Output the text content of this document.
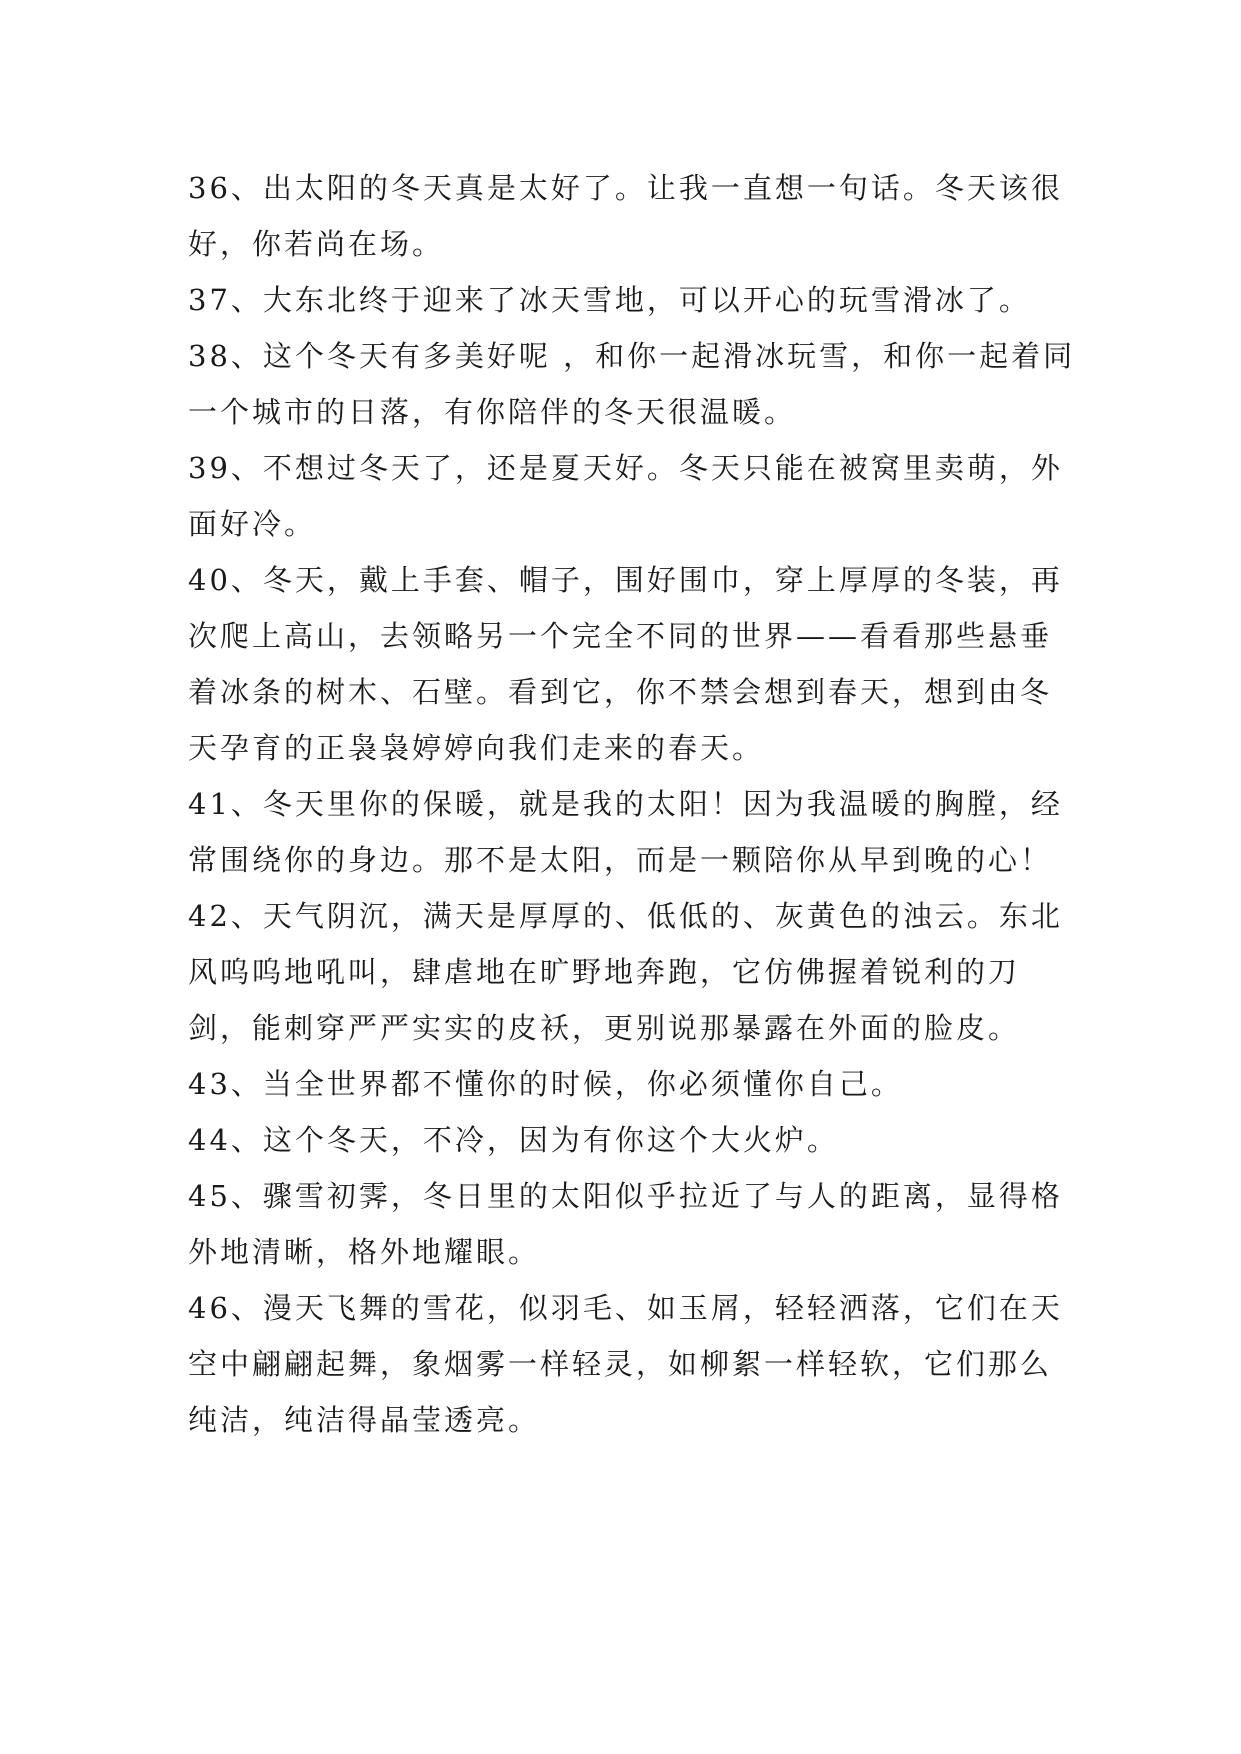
36、出太阳的冬天真是太好了。让我一直想一句话。冬天该很好，你若尚在场。

37、大东北终于迎来了冰天雪地，可以开心的玩雪滑冰了。

38、这个冬天有多美好呢 ，和你一起滑冰玩雪，和你一起着同一个城市的日落，有你陪伴的冬天很温暖。

39、不想过冬天了，还是夏天好。冬天只能在被窝里卖萌，外面好冷。

40、冬天，戴上手套、帽子，围好围巾，穿上厚厚的冬装，再次爬上高山，去领略另一个完全不同的世界——看看那些悬垂着冰条的树木、石壁。看到它，你不禁会想到春天，想到由冬天孕育的正袅袅婷婷向我们走来的春天。

41、冬天里你的保暖，就是我的太阳！因为我温暖的胸膛，经常围绕你的身边。那不是太阳，而是一颗陪你从早到晚的心！

42、天气阴沉，满天是厚厚的、低低的、灰黄色的浊云。东北风呜呜地吼叫，肆虐地在旷野地奔跑，它仿佛握着锐利的刀剑，能刺穿严严实实的皮袄，更别说那暴露在外面的脸皮。

43、当全世界都不懂你的时候，你必须懂你自己。

44、这个冬天，不冷，因为有你这个大火炉。

45、骤雪初霁，冬日里的太阳似乎拉近了与人的距离，显得格外地清晰，格外地耀眼。

46、漫天飞舞的雪花，似羽毛、如玉屑，轻轻洒落，它们在天空中翩翩起舞，象烟雾一样轻灵，如柳絮一样轻软，它们那么纯洁，纯洁得晶莹透亮。
